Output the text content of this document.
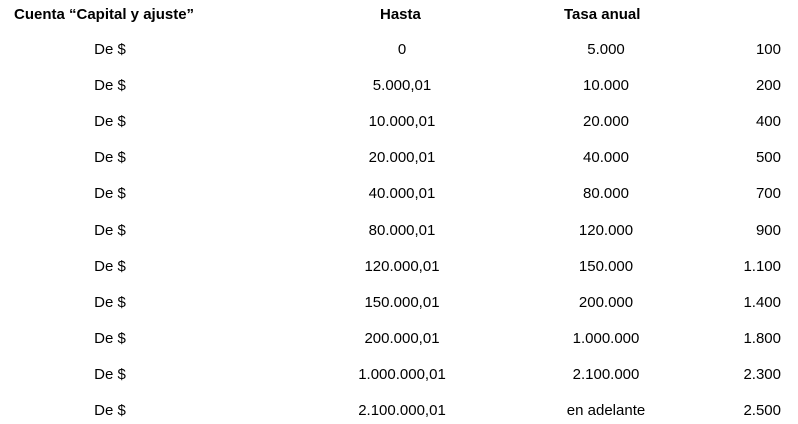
Cuenta “Capital y ajuste”	Hasta	Tasa anual
De $	0	5.000	100
De $	5.000,01	10.000	200
De $	10.000,01	20.000	400
De $	20.000,01	40.000	500
De $	40.000,01	80.000	700
De $	80.000,01	120.000	900
De $	120.000,01	150.000	1.100
De $	150.000,01	200.000	1.400
De $	200.000,01	1.000.000	1.800
De $	1.000.000,01	2.100.000	2.300
De $	2.100.000,01	en adelante	2.500
